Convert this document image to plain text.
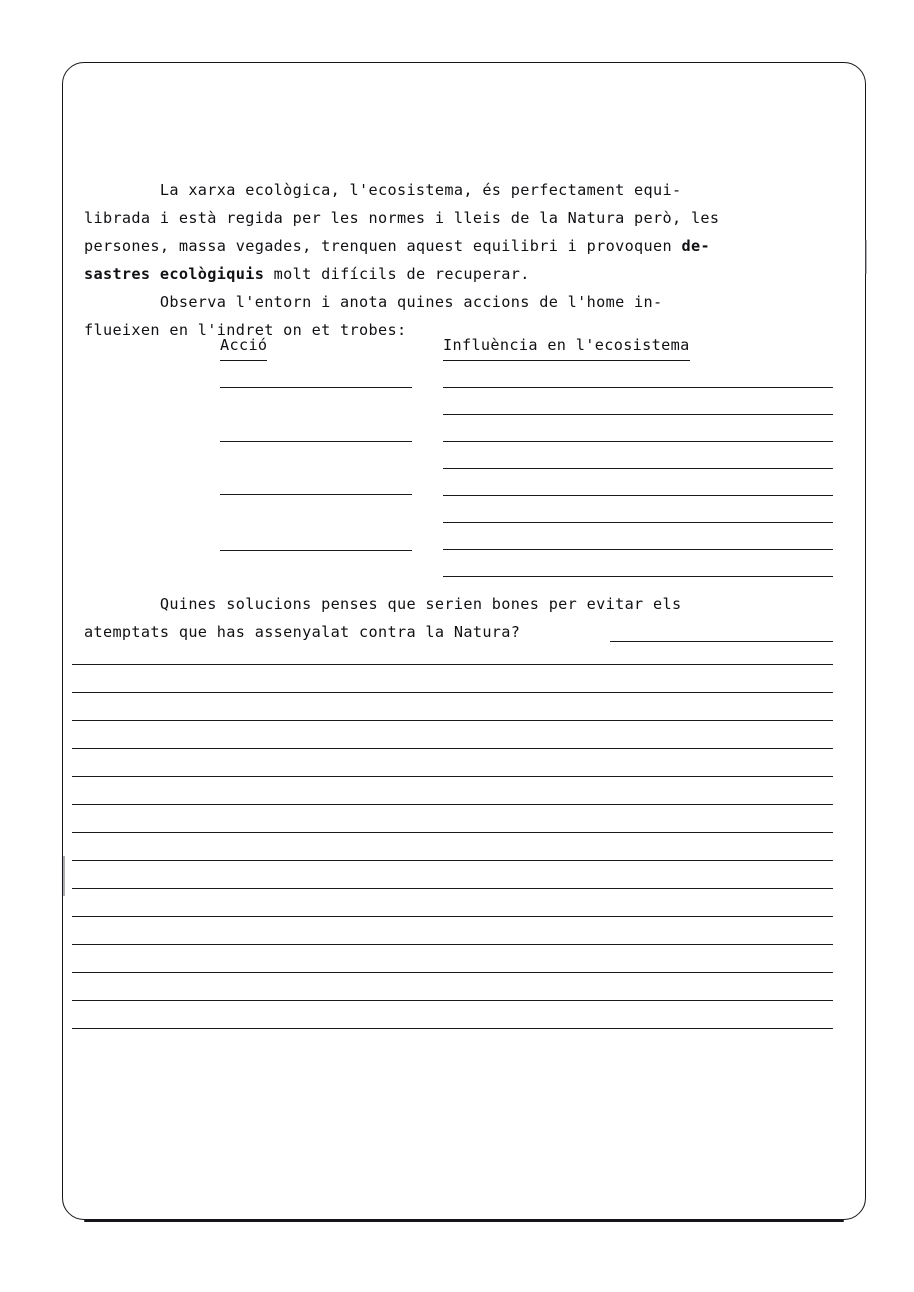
La xarxa ecològica, l'ecosistema, és perfectament equi-
librada i està regida per les normes i lleis de la Natura però, les
persones, massa vegades, trenquen aquest equilibri i provoquen de-
sastres ecològiquis molt difícils de recuperar.
Observa l'entorn i anota quines accions de l'home in-
flueixen en l'indret on et trobes:
Acció	Influència en l'ecosistema
Quines solucions penses que serien bones per evitar els
atemptats que has assenyalat contra la Natura?
